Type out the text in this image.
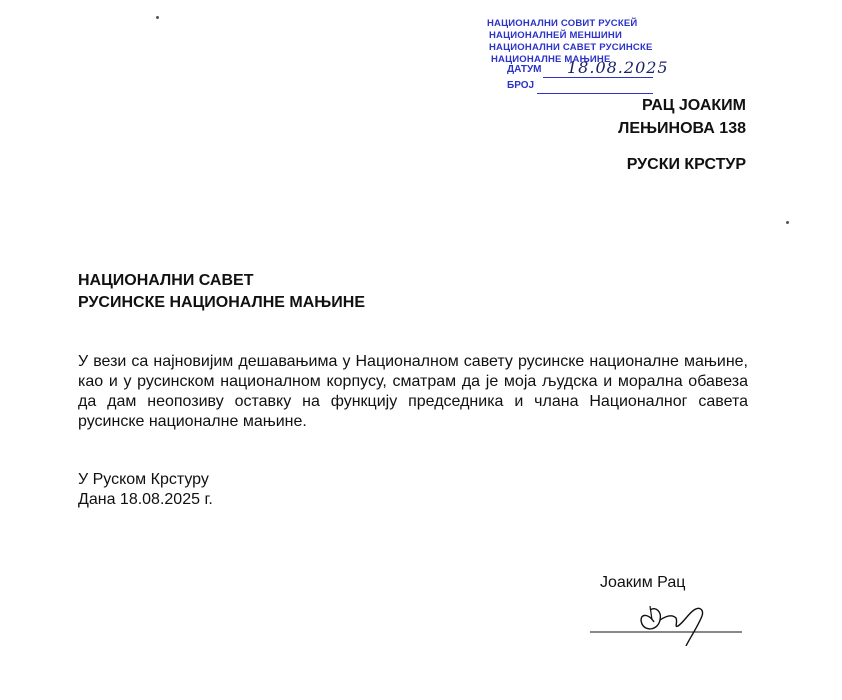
НАЦИОНАЛНИ СОВИТ РУСКЕЙ
НАЦИОНАЛНЕЙ МЕНШИНИ
НАЦИОНАЛНИ САВЕТ РУСИНСКЕ
НАЦИОНАЛНЕ МАЊИНЕ
ДАТУМ 18.08.2025
БРОЈ
РАЦ ЈОАКИМ
ЛЕЊИНОВА 138
РУСКИ КРСТУР
НАЦИОНАЛНИ САВЕТ
РУСИНСКЕ НАЦИОНАЛНЕ МАЊИНЕ
У вези са најновијим дешавањима у Националном савету русинске националне мањине, као и у русинском националном корпусу, сматрам да је моја људска и морална обавеза да дам неопозиву оставку на функцију председника и члана Националног савета русинске националне мањине.
У Руском Крстуру
Дана 18.08.2025 г.
Јоаким Рац
